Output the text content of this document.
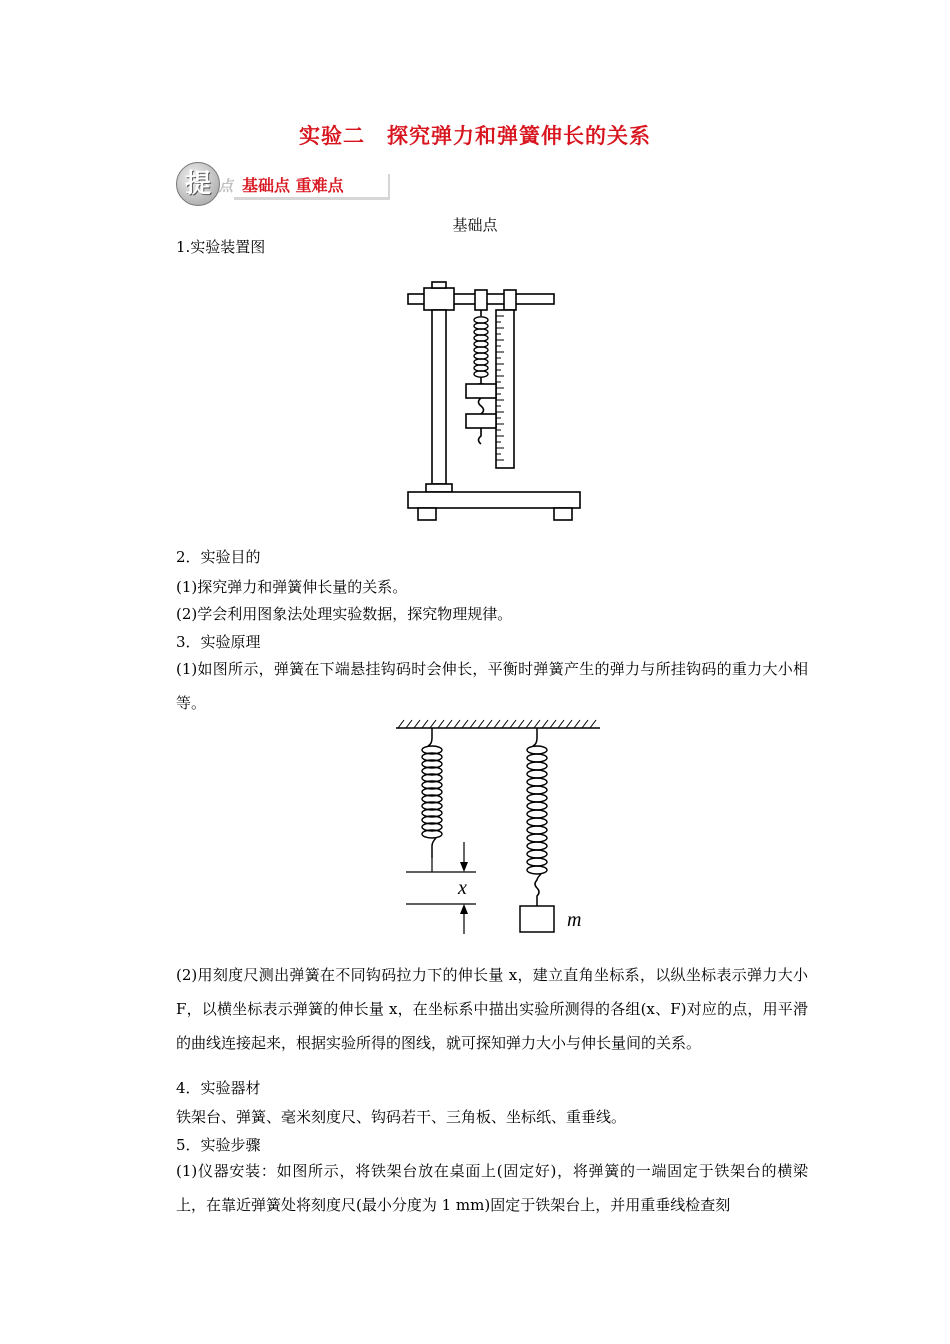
实验二　探究弹力和弹簧伸长的关系
提 点 基础点 重难点
基础点
1.实验装置图
2．实验目的
(1)探究弹力和弹簧伸长量的关系。
(2)学会利用图象法处理实验数据，探究物理规律。
3．实验原理
(1)如图所示，弹簧在下端悬挂钩码时会伸长，平衡时弹簧产生的弹力与所挂钩码的重力大小相等。
x
m
(2)用刻度尺测出弹簧在不同钩码拉力下的伸长量 x，建立直角坐标系，以纵坐标表示弹力大小 F，以横坐标表示弹簧的伸长量 x，在坐标系中描出实验所测得的各组(x、F)对应的点，用平滑的曲线连接起来，根据实验所得的图线，就可探知弹力大小与伸长量间的关系。
4．实验器材
铁架台、弹簧、毫米刻度尺、钩码若干、三角板、坐标纸、重垂线。
5．实验步骤
(1)仪器安装：如图所示，将铁架台放在桌面上(固定好)，将弹簧的一端固定于铁架台的横梁上，在靠近弹簧处将刻度尺(最小分度为 1 mm)固定于铁架台上，并用重垂线检查刻
